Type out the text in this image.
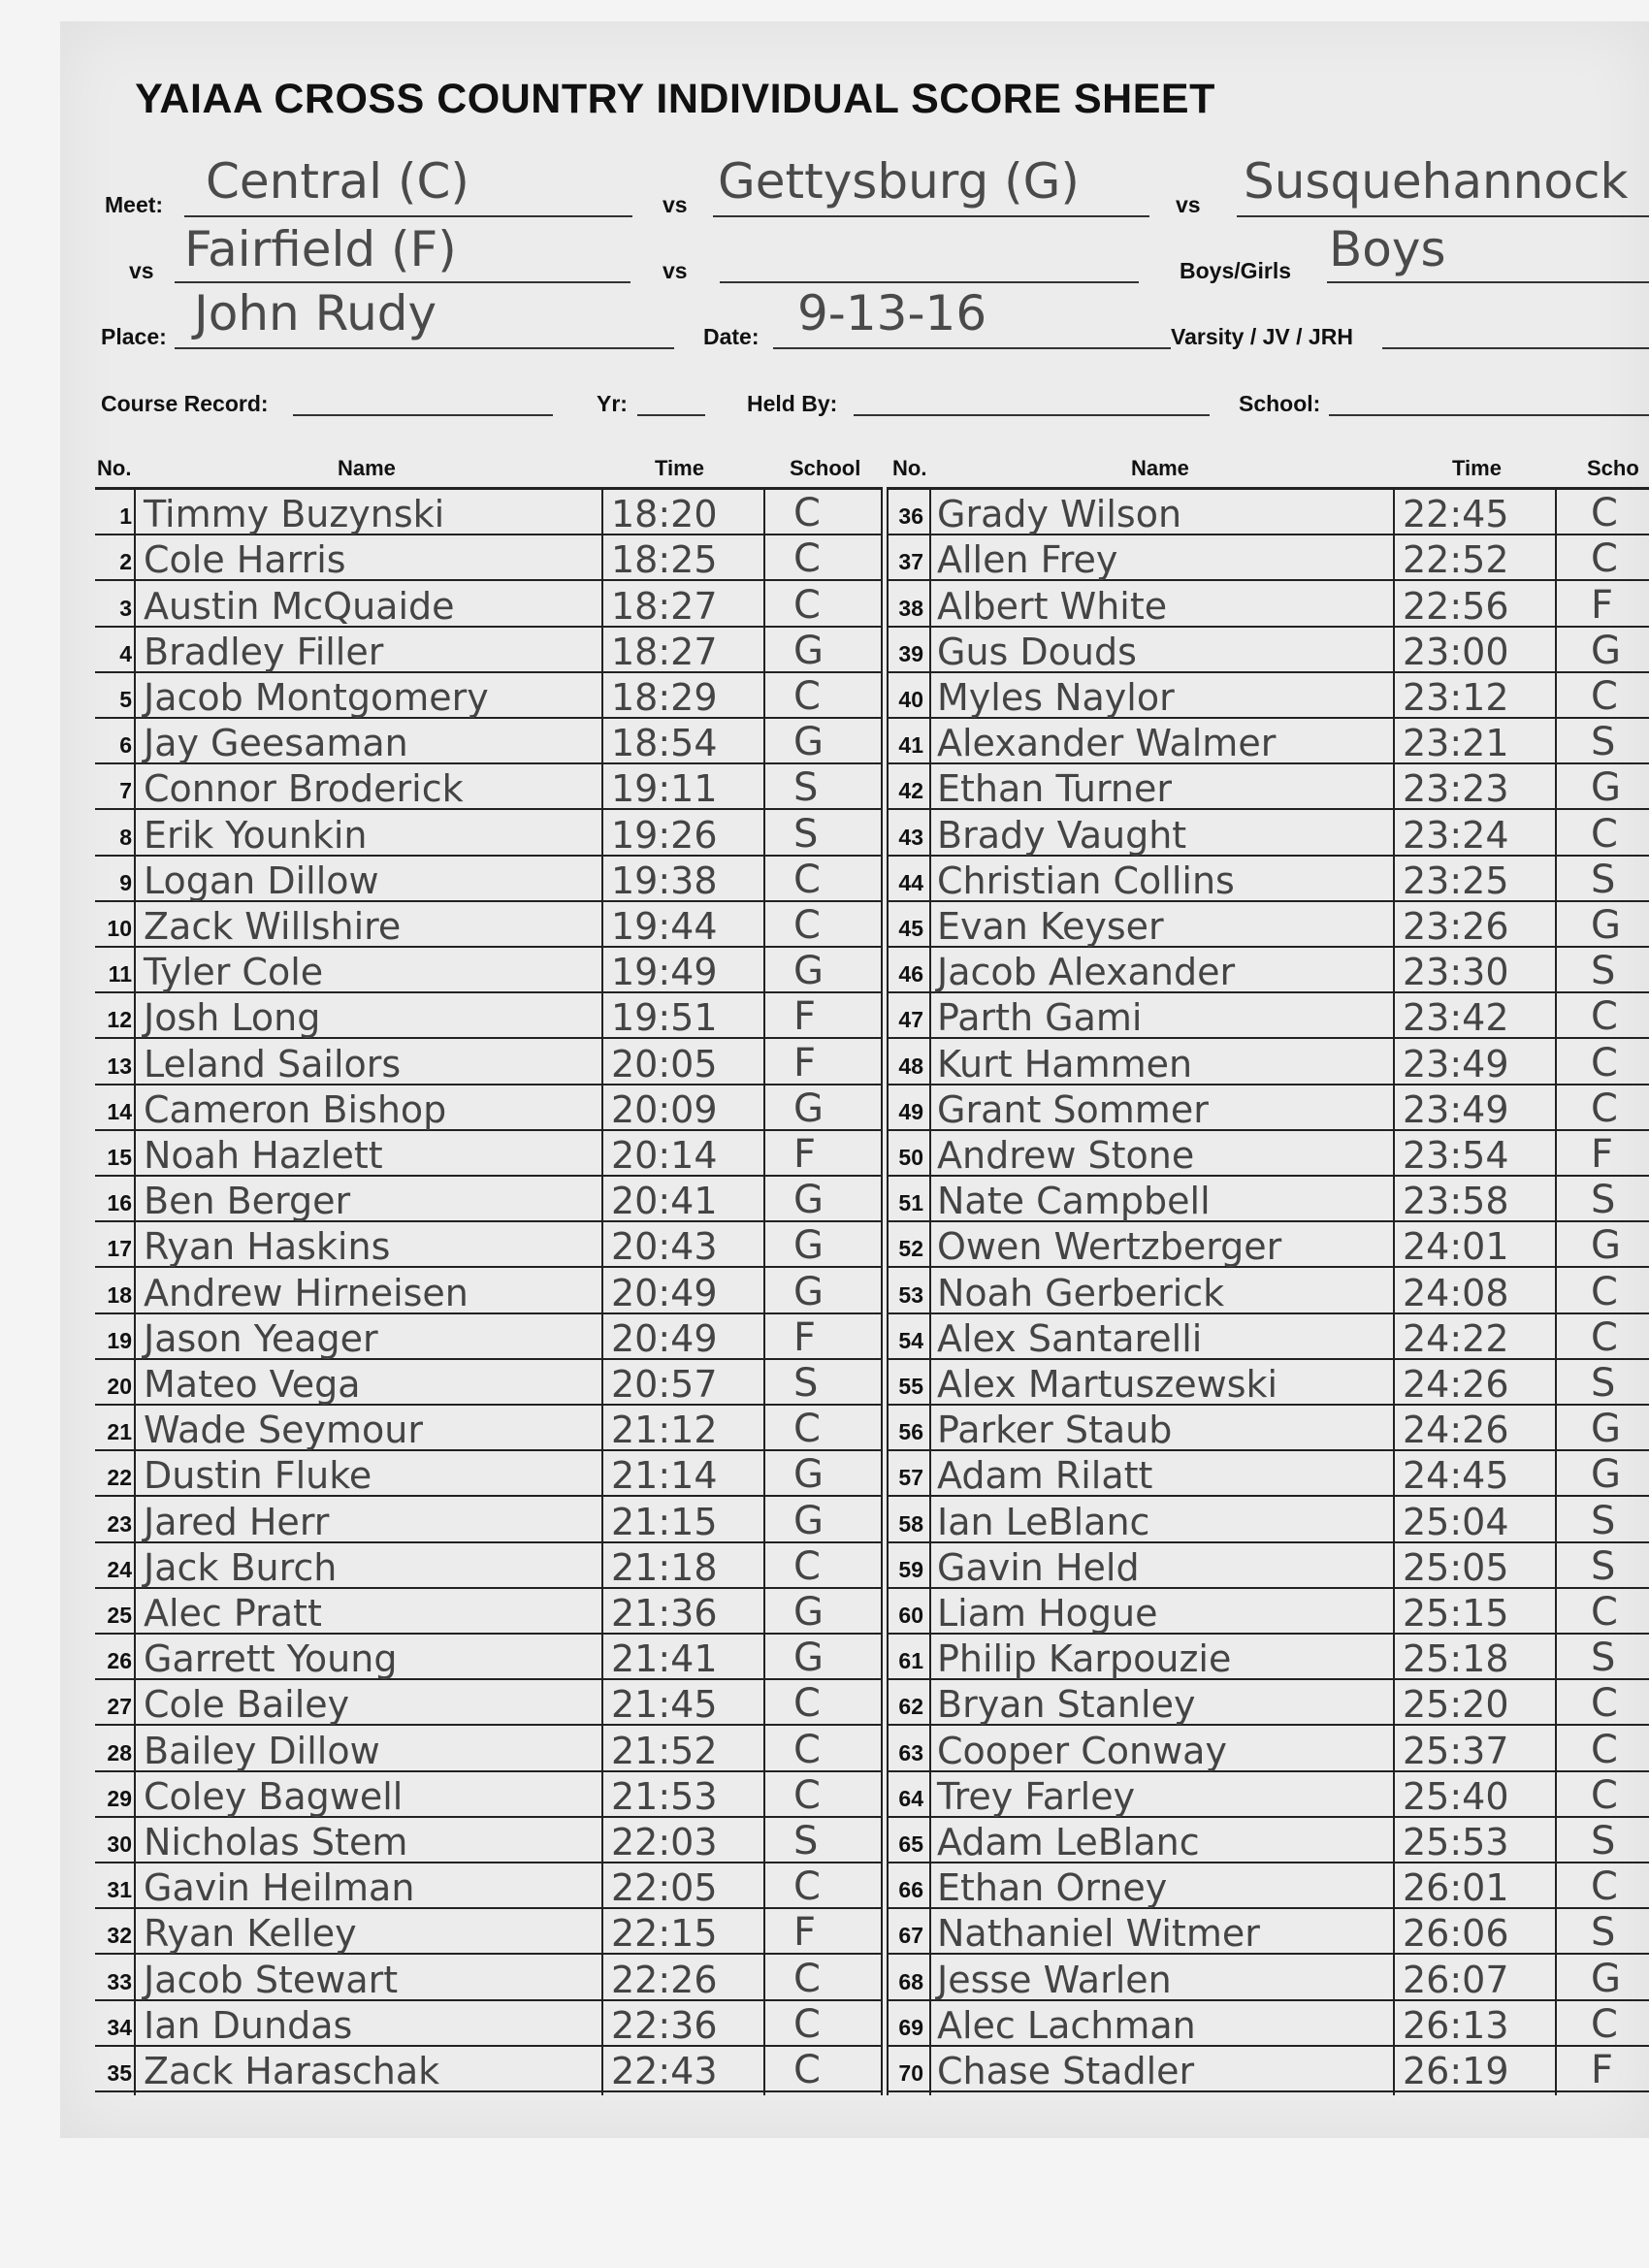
YAIAA CROSS COUNTRY INDIVIDUAL SCORE SHEET
Meet: Central (C)	vs Gettysburg (G)	vs Susquehannock
vs Fairfield (F)	vs	Boys/Girls Boys
Place: John Rudy	Date: 9-13-16	Varsity / JV / JRH
Course Record:	Yr:	Held By:	School:
No.	Name	Time	School No.	Name	Time	Scho
1 Timmy Buzynski	18:20 C
2 Cole Harris	18:25 C
3 Austin McQuaide	18:27 C
4 Bradley Filler	18:27 G
5 Jacob Montgomery	18:29 C
6 Jay Geesaman	18:54 G
7 Connor Broderick	19:11 S
8 Erik Younkin	19:26 S
9 Logan Dillow	19:38 C
10 Zack Willshire	19:44 C
11 Tyler Cole	19:49 G
12 Josh Long	19:51 F
13 Leland Sailors	20:05 F
14 Cameron Bishop	20:09 G
15 Noah Hazlett	20:14 F
16 Ben Berger	20:41 G
17 Ryan Haskins	20:43 G
18 Andrew Hirneisen	20:49 G
19 Jason Yeager	20:49 F
20 Mateo Vega	20:57 S
21 Wade Seymour	21:12 C
22 Dustin Fluke	21:14 G
23 Jared Herr	21:15 G
24 Jack Burch	21:18 C
25 Alec Pratt	21:36 G
26 Garrett Young	21:41 G
27 Cole Bailey	21:45 C
28 Bailey Dillow	21:52 C
29 Coley Bagwell	21:53 C
30 Nicholas Stem	22:03 S
31 Gavin Heilman	22:05 C
32 Ryan Kelley	22:15 F
33 Jacob Stewart	22:26 C
34 Ian Dundas	22:36 C
35 Zack Haraschak	22:43 C
36 Grady Wilson	22:45 C
37 Allen Frey	22:52 C
38 Albert White	22:56 F
39 Gus Douds	23:00 G
40 Myles Naylor	23:12 C
41 Alexander Walmer	23:21 S
42 Ethan Turner	23:23 G
43 Brady Vaught	23:24 C
44 Christian Collins	23:25 S
45 Evan Keyser	23:26 G
46 Jacob Alexander	23:30 S
47 Parth Gami	23:42 C
48 Kurt Hammen	23:49 C
49 Grant Sommer	23:49 C
50 Andrew Stone	23:54 F
51 Nate Campbell	23:58 S
52 Owen Wertzberger	24:01 G
53 Noah Gerberick	24:08 C
54 Alex Santarelli	24:22 C
55 Alex Martuszewski	24:26 S
56 Parker Staub	24:26 G
57 Adam Rilatt	24:45 G
58 Ian LeBlanc	25:04 S
59 Gavin Held	25:05 S
60 Liam Hogue	25:15 C
61 Philip Karpouzie	25:18 S
62 Bryan Stanley	25:20 C
63 Cooper Conway	25:37 C
64 Trey Farley	25:40 C
65 Adam LeBlanc	25:53 S
66 Ethan Orney	26:01 C
67 Nathaniel Witmer	26:06 S
68 Jesse Warlen	26:07 G
69 Alec Lachman	26:13 C
70 Chase Stadler	26:19 F
